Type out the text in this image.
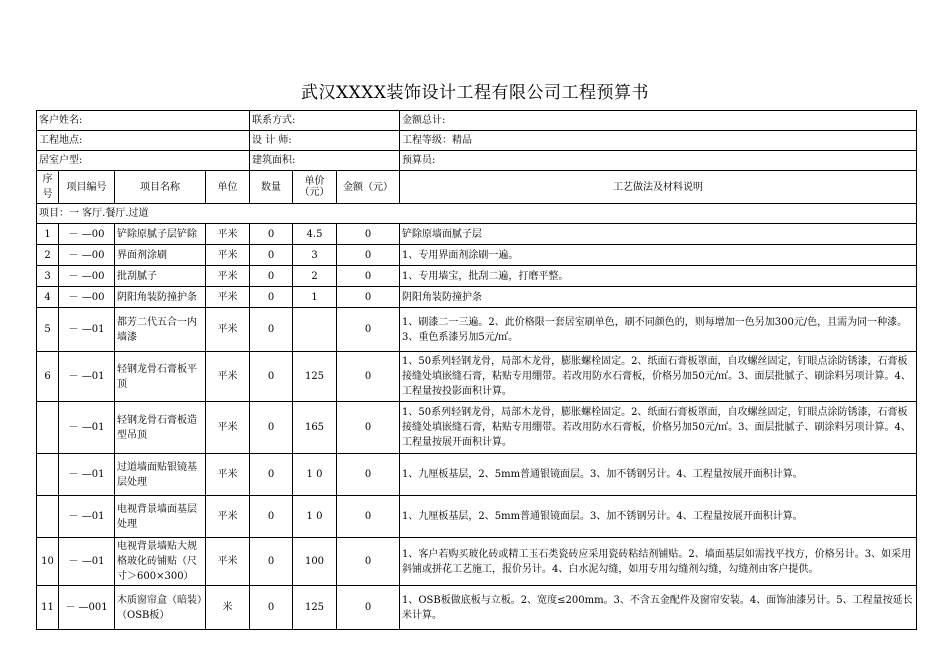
武汉XXXX装饰设计工程有限公司工程预算书
客户姓名:				联系方式:			金额总计:
工程地点:				设 计 师:			工程等级：精品
居室户型:				建筑面积:			预算员:
序号	项目编号	项目名称	单位	数量	单价（元）	金额（元）	工艺做法及材料说明
项目：一 客厅.餐厅.过道							
1	－ —00	铲除原腻子层铲除	平米	0	4.5	0	铲除原墙面腻子层
2	－ —00	界面剂涂刷	平米	0	3	0	1、专用界面剂涂刷一遍。
3	－ —00	批刮腻子	平米	0	2	0	1、专用墙宝，批刮二遍，打磨平整。
4	－ —00	阴阳角装防撞护条	平米	0	1	0	阴阳角装防撞护条
5	－ —01	都芳二代五合一内墙漆	平米	0		0	1、刷漆二一三遍。2、此价格限一套居室刷单色，刷不同颜色的，则每增加一色另加300元/色，且需为同一种漆。3、重色系漆另加5元/㎡。
6	－ —01	轻钢龙骨石膏板平顶	平米	0	125	0	1、50系列轻钢龙骨，局部木龙骨，膨胀螺栓固定。2、纸面石膏板罩面，自攻螺丝固定，钉眼点涂防锈漆，石膏板接缝处填嵌缝石膏，粘贴专用绷带。若改用防水石膏板，价格另加50元/㎡。3、面层批腻子、刷涂料另项计算。4、工程量按投影面积计算。
	－ —01	轻钢龙骨石膏板造型吊顶	平米	0	165	0	1、50系列轻钢龙骨，局部木龙骨，膨胀螺栓固定。2、纸面石膏板罩面，自攻螺丝固定，钉眼点涂防锈漆，石膏板接缝处填嵌缝石膏，粘贴专用绷带。若改用防水石膏板，价格另加50元/㎡。3、面层批腻子、刷涂料另项计算。4、工程量按展开面积计算。
	－ —01	过道墙面贴银镜基层处理	平米	0	1 0	0	1、九厘板基层，2、5mm普通银镜面层。3、加不锈钢另计。4、工程量按展开面积计算。
	－ —01	电视背景墙面基层处理	平米	0	1 0	0	1、九厘板基层，2、5mm普通银镜面层。3、加不锈钢另计。4、工程量按展开面积计算。
10	－ —01	电视背景墙贴大规格玻化砖铺贴（尺寸＞600×300）	平米	0	100	0	1、客户若购买玻化砖或精工玉石类瓷砖应采用瓷砖粘结剂铺贴。2、墙面基层如需找平找方，价格另计。3、如采用斜铺或拼花工艺施工，报价另计。4、白水泥勾缝，如用专用勾缝剂勾缝，勾缝剂由客户提供。
11	－ —001	木质窗帘盒（暗装）（OSB板）	米	0	125	0	1、OSB板做底板与立板。2、宽度≤200mm。3、不含五金配件及窗帘安装。4、面饰油漆另计。5、工程量按延长米计算。
